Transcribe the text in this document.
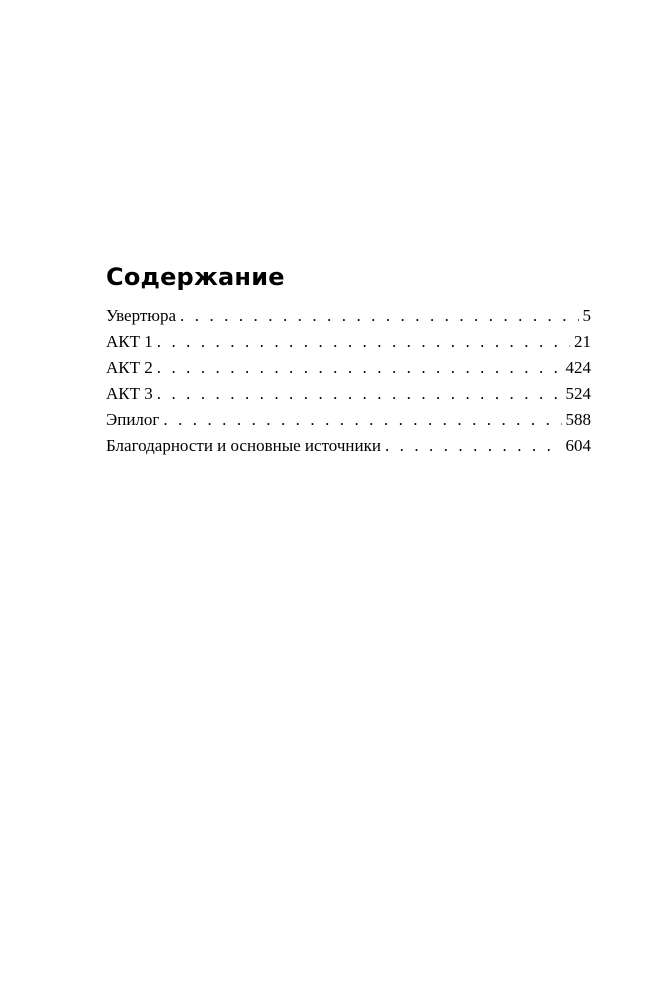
Содержание
Увертюра . . .	5
АКТ 1 . . .	21
АКТ 2 . . .	424
АКТ 3 . . .	524
Эпилог . . .	588
Благодарности и основные источники . . .	604
